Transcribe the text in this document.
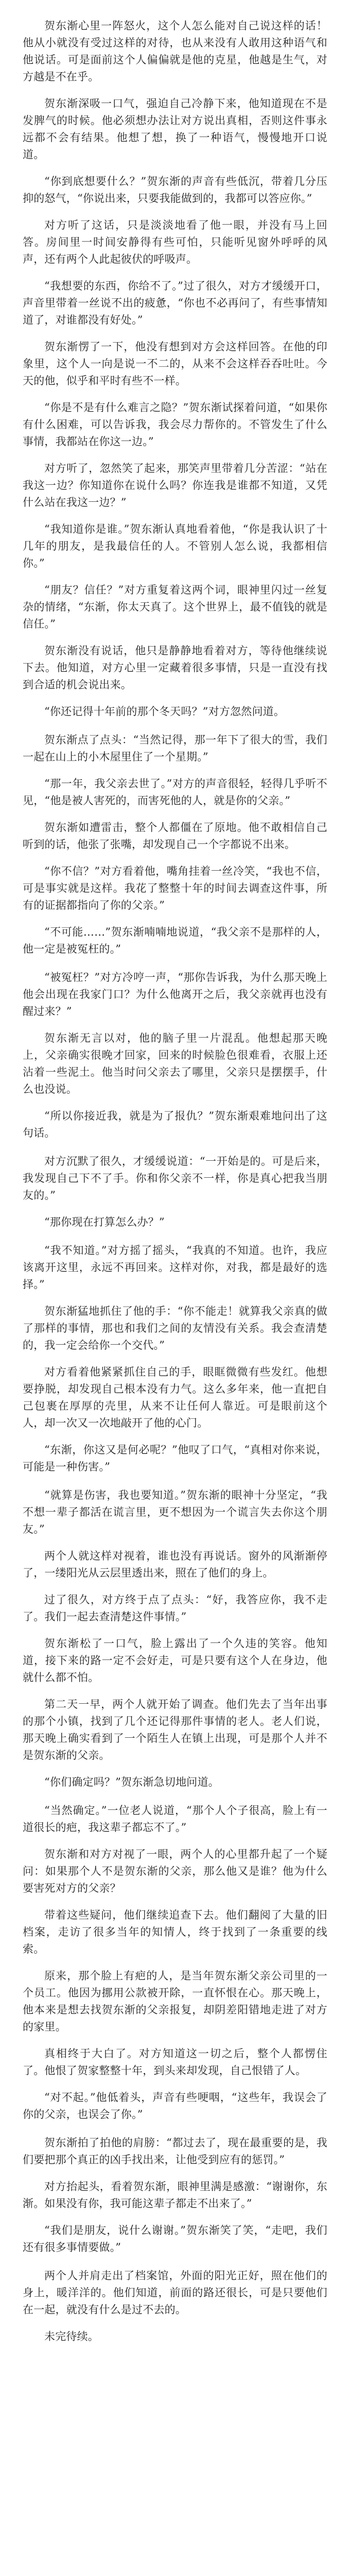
贺东渐心里一阵怒火，这个人怎么能对自己说这样的话！他从小就没有受过这样的对待，也从来没有人敢用这种语气和他说话。可是面前这个人偏偏就是他的克星，他越是生气，对方越是不在乎。

贺东渐深吸一口气，强迫自己冷静下来，他知道现在不是发脾气的时候。他必须想办法让对方说出真相，否则这件事永远都不会有结果。他想了想，换了一种语气，慢慢地开口说道。

“你到底想要什么？”贺东渐的声音有些低沉，带着几分压抑的怒气，“你说出来，只要我能做到的，我都可以答应你。”

对方听了这话，只是淡淡地看了他一眼，并没有马上回答。房间里一时间安静得有些可怕，只能听见窗外呼呼的风声，还有两个人此起彼伏的呼吸声。

“我想要的东西，你给不了。”过了很久，对方才缓缓开口，声音里带着一丝说不出的疲惫，“你也不必再问了，有些事情知道了，对谁都没有好处。”

贺东渐愣了一下，他没有想到对方会这样回答。在他的印象里，这个人一向是说一不二的，从来不会这样吞吞吐吐。今天的他，似乎和平时有些不一样。

“你是不是有什么难言之隐？”贺东渐试探着问道，“如果你有什么困难，可以告诉我，我会尽力帮你的。不管发生了什么事情，我都站在你这一边。”

对方听了，忽然笑了起来，那笑声里带着几分苦涩：“站在我这一边？你知道你在说什么吗？你连我是谁都不知道，又凭什么站在我这一边？”

“我知道你是谁。”贺东渐认真地看着他，“你是我认识了十几年的朋友，是我最信任的人。不管别人怎么说，我都相信你。”

“朋友？信任？”对方重复着这两个词，眼神里闪过一丝复杂的情绪，“东渐，你太天真了。这个世界上，最不值钱的就是信任。”

贺东渐没有说话，他只是静静地看着对方，等待他继续说下去。他知道，对方心里一定藏着很多事情，只是一直没有找到合适的机会说出来。

“你还记得十年前的那个冬天吗？”对方忽然问道。

贺东渐点了点头：“当然记得，那一年下了很大的雪，我们一起在山上的小木屋里住了一个星期。”

“那一年，我父亲去世了。”对方的声音很轻，轻得几乎听不见，“他是被人害死的，而害死他的人，就是你的父亲。”

贺东渐如遭雷击，整个人都僵在了原地。他不敢相信自己听到的话，他张了张嘴，却发现自己一个字都说不出来。

“你不信？”对方看着他，嘴角挂着一丝冷笑，“我也不信，可是事实就是这样。我花了整整十年的时间去调查这件事，所有的证据都指向了你的父亲。”

“不可能……”贺东渐喃喃地说道，“我父亲不是那样的人，他一定是被冤枉的。”

“被冤枉？”对方冷哼一声，“那你告诉我，为什么那天晚上他会出现在我家门口？为什么他离开之后，我父亲就再也没有醒过来？”

贺东渐无言以对，他的脑子里一片混乱。他想起那天晚上，父亲确实很晚才回家，回来的时候脸色很难看，衣服上还沾着一些泥土。他当时问父亲去了哪里，父亲只是摆摆手，什么也没说。

“所以你接近我，就是为了报仇？”贺东渐艰难地问出了这句话。

对方沉默了很久，才缓缓说道：“一开始是的。可是后来，我发现自己下不了手。你和你父亲不一样，你是真心把我当朋友的。”

“那你现在打算怎么办？”

“我不知道。”对方摇了摇头，“我真的不知道。也许，我应该离开这里，永远不再回来。这样对你，对我，都是最好的选择。”

贺东渐猛地抓住了他的手：“你不能走！就算我父亲真的做了那样的事情，那也和我们之间的友情没有关系。我会查清楚的，我一定会给你一个交代。”

对方看着他紧紧抓住自己的手，眼眶微微有些发红。他想要挣脱，却发现自己根本没有力气。这么多年来，他一直把自己包裹在厚厚的壳里，从来不让任何人靠近。可是眼前这个人，却一次又一次地敲开了他的心门。

“东渐，你这又是何必呢？”他叹了口气，“真相对你来说，可能是一种伤害。”

“就算是伤害，我也要知道。”贺东渐的眼神十分坚定，“我不想一辈子都活在谎言里，更不想因为一个谎言失去你这个朋友。”

两个人就这样对视着，谁也没有再说话。窗外的风渐渐停了，一缕阳光从云层里透出来，照在了他们的身上。

过了很久，对方终于点了点头：“好，我答应你，我不走了。我们一起去查清楚这件事情。”

贺东渐松了一口气，脸上露出了一个久违的笑容。他知道，接下来的路一定不会好走，可是只要有这个人在身边，他就什么都不怕。

第二天一早，两个人就开始了调查。他们先去了当年出事的那个小镇，找到了几个还记得那件事情的老人。老人们说，那天晚上确实看到了一个陌生人在镇上出现，可是那个人并不是贺东渐的父亲。

“你们确定吗？”贺东渐急切地问道。

“当然确定。”一位老人说道，“那个人个子很高，脸上有一道很长的疤，我这辈子都忘不了。”

贺东渐和对方对视了一眼，两个人的心里都升起了一个疑问：如果那个人不是贺东渐的父亲，那么他又是谁？他为什么要害死对方的父亲？

带着这些疑问，他们继续追查下去。他们翻阅了大量的旧档案，走访了很多当年的知情人，终于找到了一条重要的线索。

原来，那个脸上有疤的人，是当年贺东渐父亲公司里的一个员工。他因为挪用公款被开除，一直怀恨在心。那天晚上，他本来是想去找贺东渐的父亲报复，却阴差阳错地走进了对方的家里。

真相终于大白了。对方知道这一切之后，整个人都愣住了。他恨了贺家整整十年，到头来却发现，自己恨错了人。

“对不起。”他低着头，声音有些哽咽，“这些年，我误会了你的父亲，也误会了你。”

贺东渐拍了拍他的肩膀：“都过去了，现在最重要的是，我们要把那个真正的凶手找出来，让他受到应有的惩罚。”

对方抬起头，看着贺东渐，眼神里满是感激：“谢谢你，东渐。如果没有你，我可能这辈子都走不出来了。”

“我们是朋友，说什么谢谢。”贺东渐笑了笑，“走吧，我们还有很多事情要做。”

两个人并肩走出了档案馆，外面的阳光正好，照在他们的身上，暖洋洋的。他们知道，前面的路还很长，可是只要他们在一起，就没有什么是过不去的。

未完待续。
